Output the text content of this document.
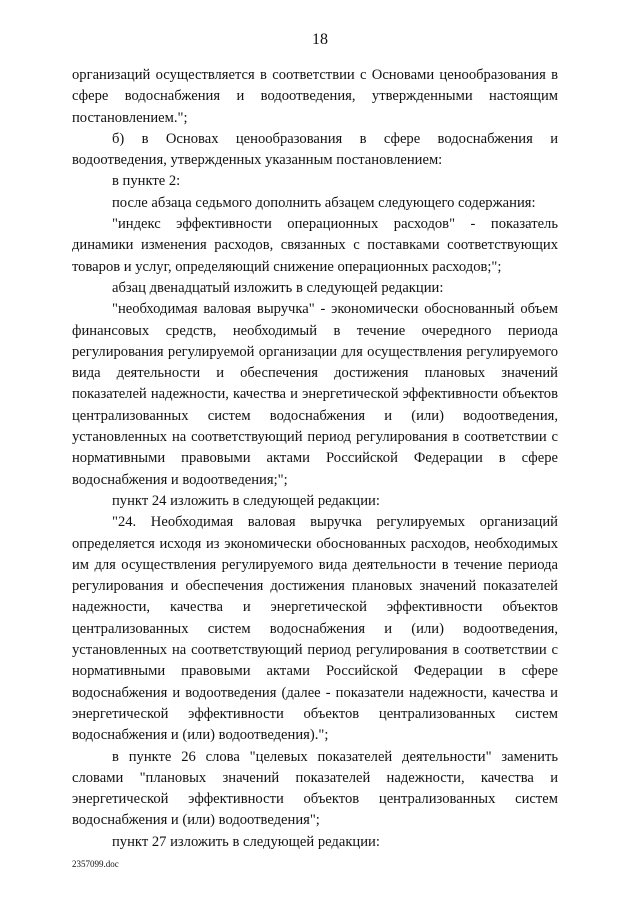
18

организаций осуществляется в соответствии с Основами ценообразования в сфере водоснабжения и водоотведения, утвержденными настоящим постановлением.";

б) в Основах ценообразования в сфере водоснабжения и водоотведения, утвержденных указанным постановлением:

в пункте 2:

после абзаца седьмого дополнить абзацем следующего содержания:

"индекс эффективности операционных расходов" - показатель динамики изменения расходов, связанных с поставками соответствующих товаров и услуг, определяющий снижение операционных расходов;";

абзац двенадцатый изложить в следующей редакции:

"необходимая валовая выручка" - экономически обоснованный объем финансовых средств, необходимый в течение очередного периода регулирования регулируемой организации для осуществления регулируемого вида деятельности и обеспечения достижения плановых значений показателей надежности, качества и энергетической эффективности объектов централизованных систем водоснабжения и (или) водоотведения, установленных на соответствующий период регулирования в соответствии с нормативными правовыми актами Российской Федерации в сфере водоснабжения и водоотведения;";

пункт 24 изложить в следующей редакции:

"24. Необходимая валовая выручка регулируемых организаций определяется исходя из экономически обоснованных расходов, необходимых им для осуществления регулируемого вида деятельности в течение периода регулирования и обеспечения достижения плановых значений показателей надежности, качества и энергетической эффективности объектов централизованных систем водоснабжения и (или) водоотведения, установленных на соответствующий период регулирования в соответствии с нормативными правовыми актами Российской Федерации в сфере водоснабжения и водоотведения (далее - показатели надежности, качества и энергетической эффективности объектов централизованных систем водоснабжения и (или) водоотведения).";

в пункте 26 слова "целевых показателей деятельности" заменить словами "плановых значений показателей надежности, качества и энергетической эффективности объектов централизованных систем водоснабжения и (или) водоотведения";

пункт 27 изложить в следующей редакции:

2357099.doc
